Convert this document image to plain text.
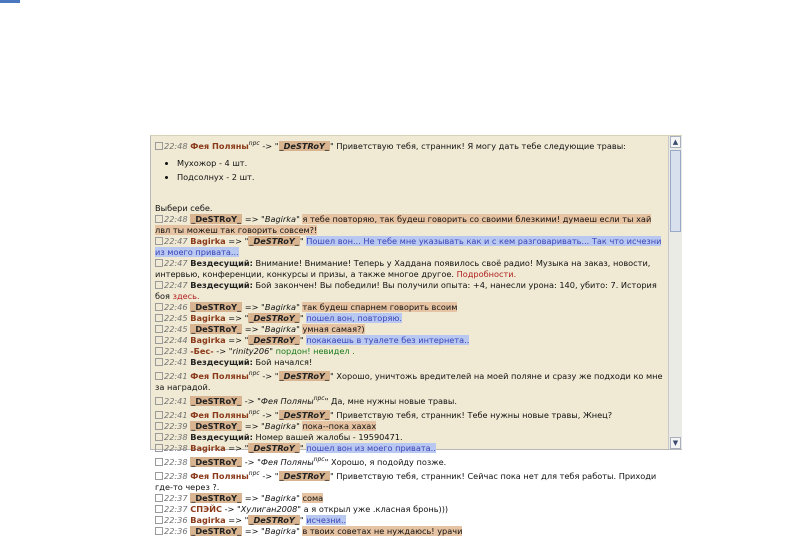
22:48 Фея Поляны$^{npc}$ -> "_DeSTRoY_" Приветствую тебя, странник! Я могу дать тебе следующие травы:
• Мухожор - 4 шт.
• Подсолнух - 2 шт.
Выбери себе.
22:48 _DeSTRoY_ => "Bagirka" я тебе повторяю, так будеш говорить со своими блезкими! думаеш если ты хай лвл ты можеш так говорить совсем?!
22:47 Bagirka => "_DeSTRoY_" Пошел вон... Не тебе мне указывать как и с кем разговаривать... Так что исчезни из моего привата...
22:47 Вездесущий: Внимание! Внимание! Теперь у Хаддана появилось своё радио! Музыка на заказ, новости, интервью, конференции, конкурсы и призы, а также многое другое. Подробности.
22:47 Вездесущий: Бой закончен! Вы победили! Вы получили опыта: +4, нанесли урона: 140, убито: 7. История боя здесь.
22:46 _DeSTRoY_ => "Bagirka" так будеш спарнем говорить всоим
22:45 Bagirka => "_DeSTRoY_" пошел вон, повторяю.
22:45 _DeSTRoY_ => "Bagirka" умная самая?)
22:44 Bagirka => "_DeSTRoY_" покакаешь в туалете без интернета..
22:43 -Бес- -> "rinity206" пордон! невидел .
22:41 Вездесущий: Бой начался!
22:41 Фея Поляны$^{npc}$ -> "_DeSTRoY_" Хорошо, уничтожь вредителей на моей поляне и сразу же подходи ко мне за наградой.
22:41 _DeSTRoY_ -> "Фея Поляны$^{npc}$" Да, мне нужны новые травы.
22:41 Фея Поляны$^{npc}$ -> "_DeSTRoY_" Приветствую тебя, странник! Тебе нужны новые травы, Жнец?
22:39 _DeSTRoY_ => "Bagirka" пока--пока хахах
22:38 Вездесущий: Номер вашей жалобы - 19590471.
22:38 Bagirka => "_DeSTRoY_" пошел вон из моего привата..
22:38 _DeSTRoY_ -> "Фея Поляны$^{npc}$" Хорошо, я подойду позже.
22:38 Фея Поляны$^{npc}$ -> "_DeSTRoY_" Приветствую тебя, странник! Сейчас пока нет для тебя работы. Приходи где-то через ?.
22:37 _DeSTRoY_ => "Bagirka" сома
22:37 СПЭЙС -> "Хулиган2008" а я открыл уже .класная бронь)))
22:36 Bagirka => "_DeSTRoY_" исчезни..
22:36 _DeSTRoY_ => "Bagirka" в твоих советах не нуждаюсь! урачи
▲
▼
